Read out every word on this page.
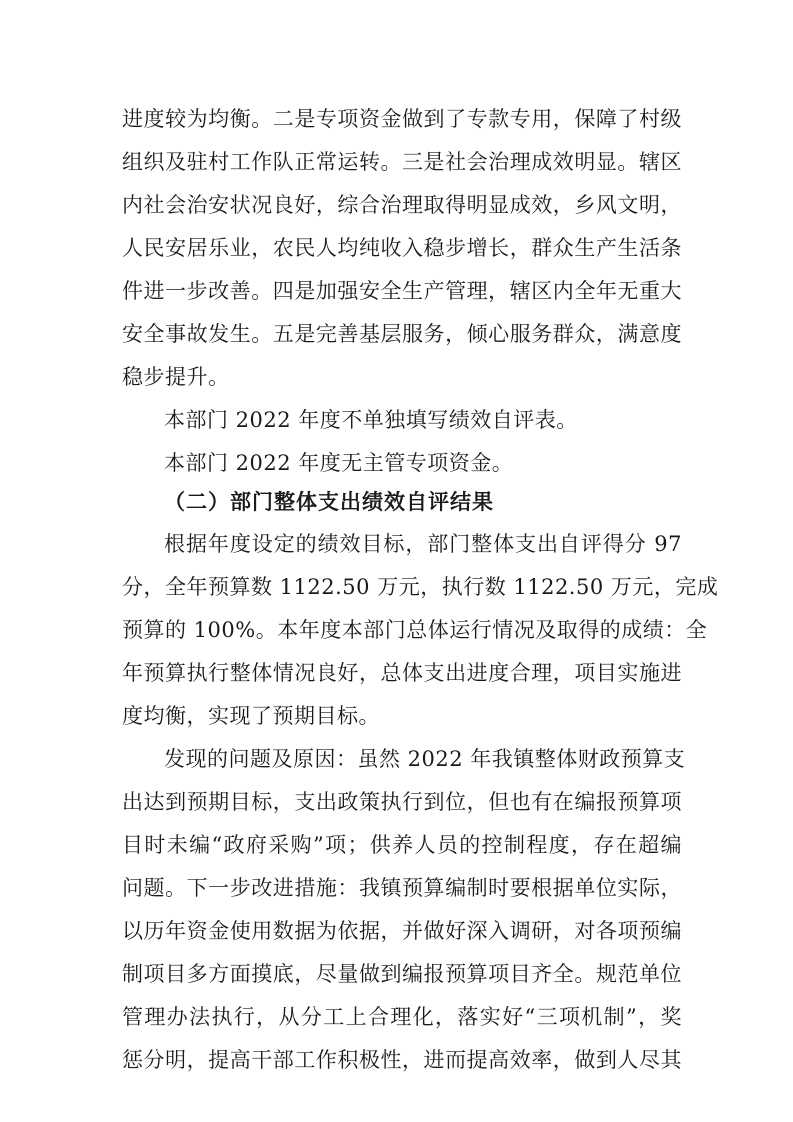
进度较为均衡。二是专项资金做到了专款专用，保障了村级
组织及驻村工作队正常运转。三是社会治理成效明显。辖区
内社会治安状况良好，综合治理取得明显成效，乡风文明，
人民安居乐业，农民人均纯收入稳步增长，群众生产生活条
件进一步改善。四是加强安全生产管理，辖区内全年无重大
安全事故发生。五是完善基层服务，倾心服务群众，满意度
稳步提升。
本部门 2022 年度不单独填写绩效自评表。
本部门 2022 年度无主管专项资金。
（二）部门整体支出绩效自评结果
根据年度设定的绩效目标，部门整体支出自评得分 97
分，全年预算数 1122.50 万元，执行数 1122.50 万元，完成
预算的 100%。本年度本部门总体运行情况及取得的成绩：全
年预算执行整体情况良好，总体支出进度合理，项目实施进
度均衡，实现了预期目标。
发现的问题及原因：虽然 2022 年我镇整体财政预算支
出达到预期目标，支出政策执行到位，但也有在编报预算项
目时未编“政府采购”项；供养人员的控制程度，存在超编
问题。下一步改进措施：我镇预算编制时要根据单位实际，
以历年资金使用数据为依据，并做好深入调研，对各项预编
制项目多方面摸底，尽量做到编报预算项目齐全。规范单位
管理办法执行，从分工上合理化，落实好“三项机制”，奖
惩分明，提高干部工作积极性，进而提高效率，做到人尽其
